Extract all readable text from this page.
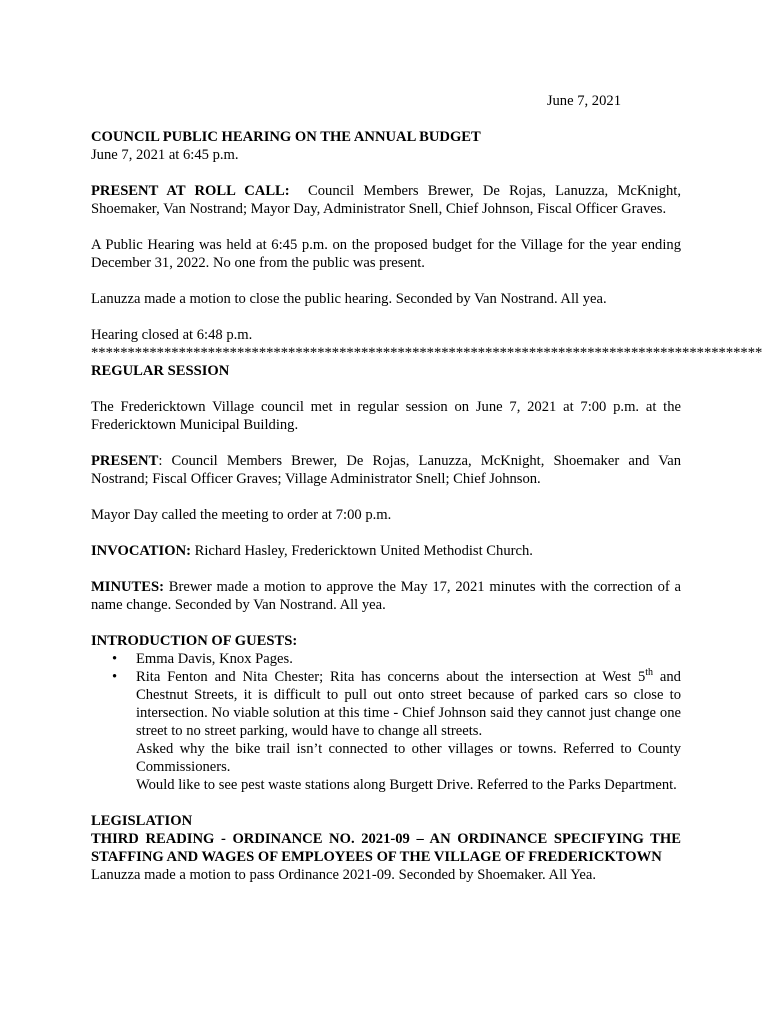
June 7, 2021

COUNCIL PUBLIC HEARING ON THE ANNUAL BUDGET

June 7, 2021 at 6:45 p.m.

PRESENT AT ROLL CALL: Council Members Brewer, De Rojas, Lanuzza, McKnight, Shoemaker, Van Nostrand; Mayor Day, Administrator Snell, Chief Johnson, Fiscal Officer Graves.

A Public Hearing was held at 6:45 p.m. on the proposed budget for the Village for the year ending December 31, 2022. No one from the public was present.

Lanuzza made a motion to close the public hearing. Seconded by Van Nostrand. All yea.

Hearing closed at 6:48 p.m.

********************************************************************************************

REGULAR SESSION

The Fredericktown Village council met in regular session on June 7, 2021 at 7:00 p.m. at the Fredericktown Municipal Building.

PRESENT: Council Members Brewer, De Rojas, Lanuzza, McKnight, Shoemaker and Van Nostrand; Fiscal Officer Graves; Village Administrator Snell; Chief Johnson.

Mayor Day called the meeting to order at 7:00 p.m.

INVOCATION: Richard Hasley, Fredericktown United Methodist Church.

MINUTES: Brewer made a motion to approve the May 17, 2021 minutes with the correction of a name change. Seconded by Van Nostrand. All yea.

INTRODUCTION OF GUESTS:

• Emma Davis, Knox Pages.
• Rita Fenton and Nita Chester; Rita has concerns about the intersection at West 5th and Chestnut Streets, it is difficult to pull out onto street because of parked cars so close to intersection. No viable solution at this time - Chief Johnson said they cannot just change one street to no street parking, would have to change all streets.
Asked why the bike trail isn’t connected to other villages or towns. Referred to County Commissioners.
Would like to see pest waste stations along Burgett Drive. Referred to the Parks Department.

LEGISLATION

THIRD READING - ORDINANCE NO. 2021-09 – AN ORDINANCE SPECIFYING THE STAFFING AND WAGES OF EMPLOYEES OF THE VILLAGE OF FREDERICKTOWN

Lanuzza made a motion to pass Ordinance 2021-09. Seconded by Shoemaker. All Yea.
